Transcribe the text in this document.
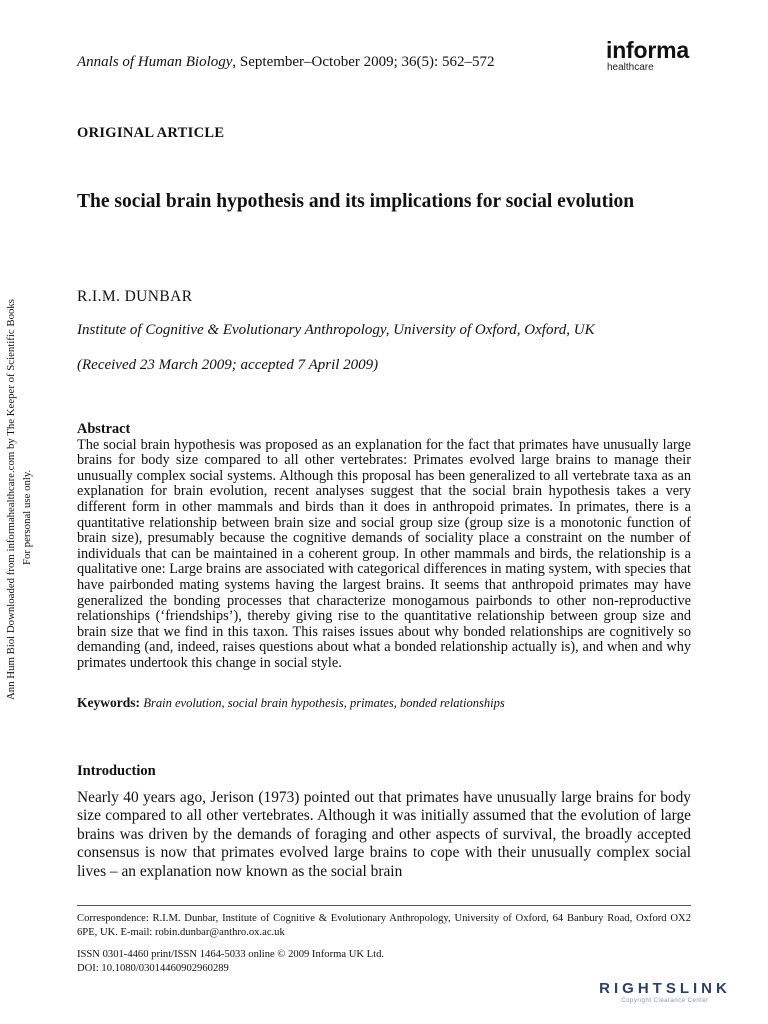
Annals of Human Biology, September–October 2009; 36(5): 562–572	informa
healthcare
ORIGINAL ARTICLE
The social brain hypothesis and its implications for social evolution
R.I.M. DUNBAR
Institute of Cognitive & Evolutionary Anthropology, University of Oxford, Oxford, UK
(Received 23 March 2009; accepted 7 April 2009)
Abstract
The social brain hypothesis was proposed as an explanation for the fact that primates have unusually large brains for body size compared to all other vertebrates: Primates evolved large brains to manage their unusually complex social systems. Although this proposal has been generalized to all vertebrate taxa as an explanation for brain evolution, recent analyses suggest that the social brain hypothesis takes a very different form in other mammals and birds than it does in anthropoid primates. In primates, there is a quantitative relationship between brain size and social group size (group size is a monotonic function of brain size), presumably because the cognitive demands of sociality place a constraint on the number of individuals that can be maintained in a coherent group. In other mammals and birds, the relationship is a qualitative one: Large brains are associated with categorical differences in mating system, with species that have pairbonded mating systems having the largest brains. It seems that anthropoid primates may have generalized the bonding processes that characterize monogamous pairbonds to other non-reproductive relationships (‘friendships’), thereby giving rise to the quantitative relationship between group size and brain size that we find in this taxon. This raises issues about why bonded relationships are cognitively so demanding (and, indeed, raises questions about what a bonded relationship actually is), and when and why primates undertook this change in social style.
Keywords: Brain evolution, social brain hypothesis, primates, bonded relationships
Introduction
Nearly 40 years ago, Jerison (1973) pointed out that primates have unusually large brains for body size compared to all other vertebrates. Although it was initially assumed that the evolution of large brains was driven by the demands of foraging and other aspects of survival, the broadly accepted consensus is now that primates evolved large brains to cope with their unusually complex social lives – an explanation now known as the social brain
Correspondence: R.I.M. Dunbar, Institute of Cognitive & Evolutionary Anthropology, University of Oxford, 64 Banbury Road, Oxford OX2 6PE, UK. E-mail: robin.dunbar@anthro.ox.ac.uk
ISSN 0301-4460 print/ISSN 1464-5033 online © 2009 Informa UK Ltd.
DOI: 10.1080/03014460902960289
Ann Hum Biol Downloaded from informahealthcare.com by The Keeper of Scientific Books For personal use only.
RIGHTSLINK
Copyright Clearance Center
